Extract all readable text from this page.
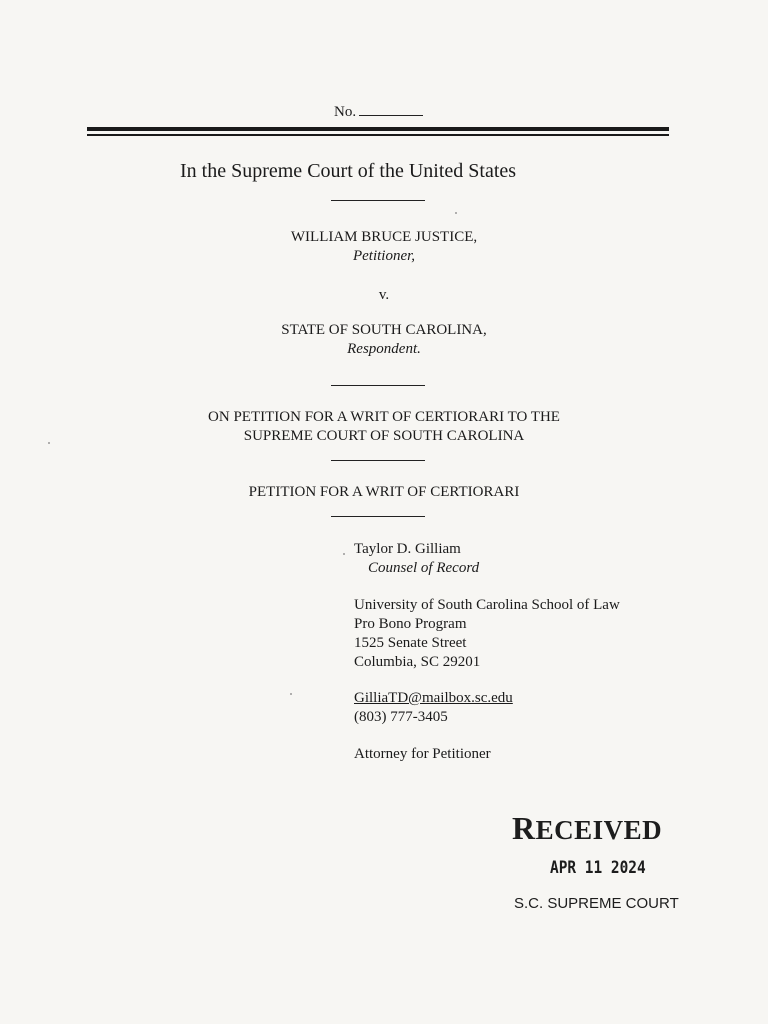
No.
In the Supreme Court of the United States
WILLIAM BRUCE JUSTICE,
Petitioner,
v.
STATE OF SOUTH CAROLINA,
Respondent.
ON PETITION FOR A WRIT OF CERTIORARI TO THE
SUPREME COURT OF SOUTH CAROLINA
PETITION FOR A WRIT OF CERTIORARI
Taylor D. Gilliam
Counsel of Record
University of South Carolina School of Law
Pro Bono Program
1525 Senate Street
Columbia, SC 29201
GilliaTD@mailbox.sc.edu
(803) 777-3405
Attorney for Petitioner
RECEIVED
APR 11 2024
S.C. SUPREME COURT
